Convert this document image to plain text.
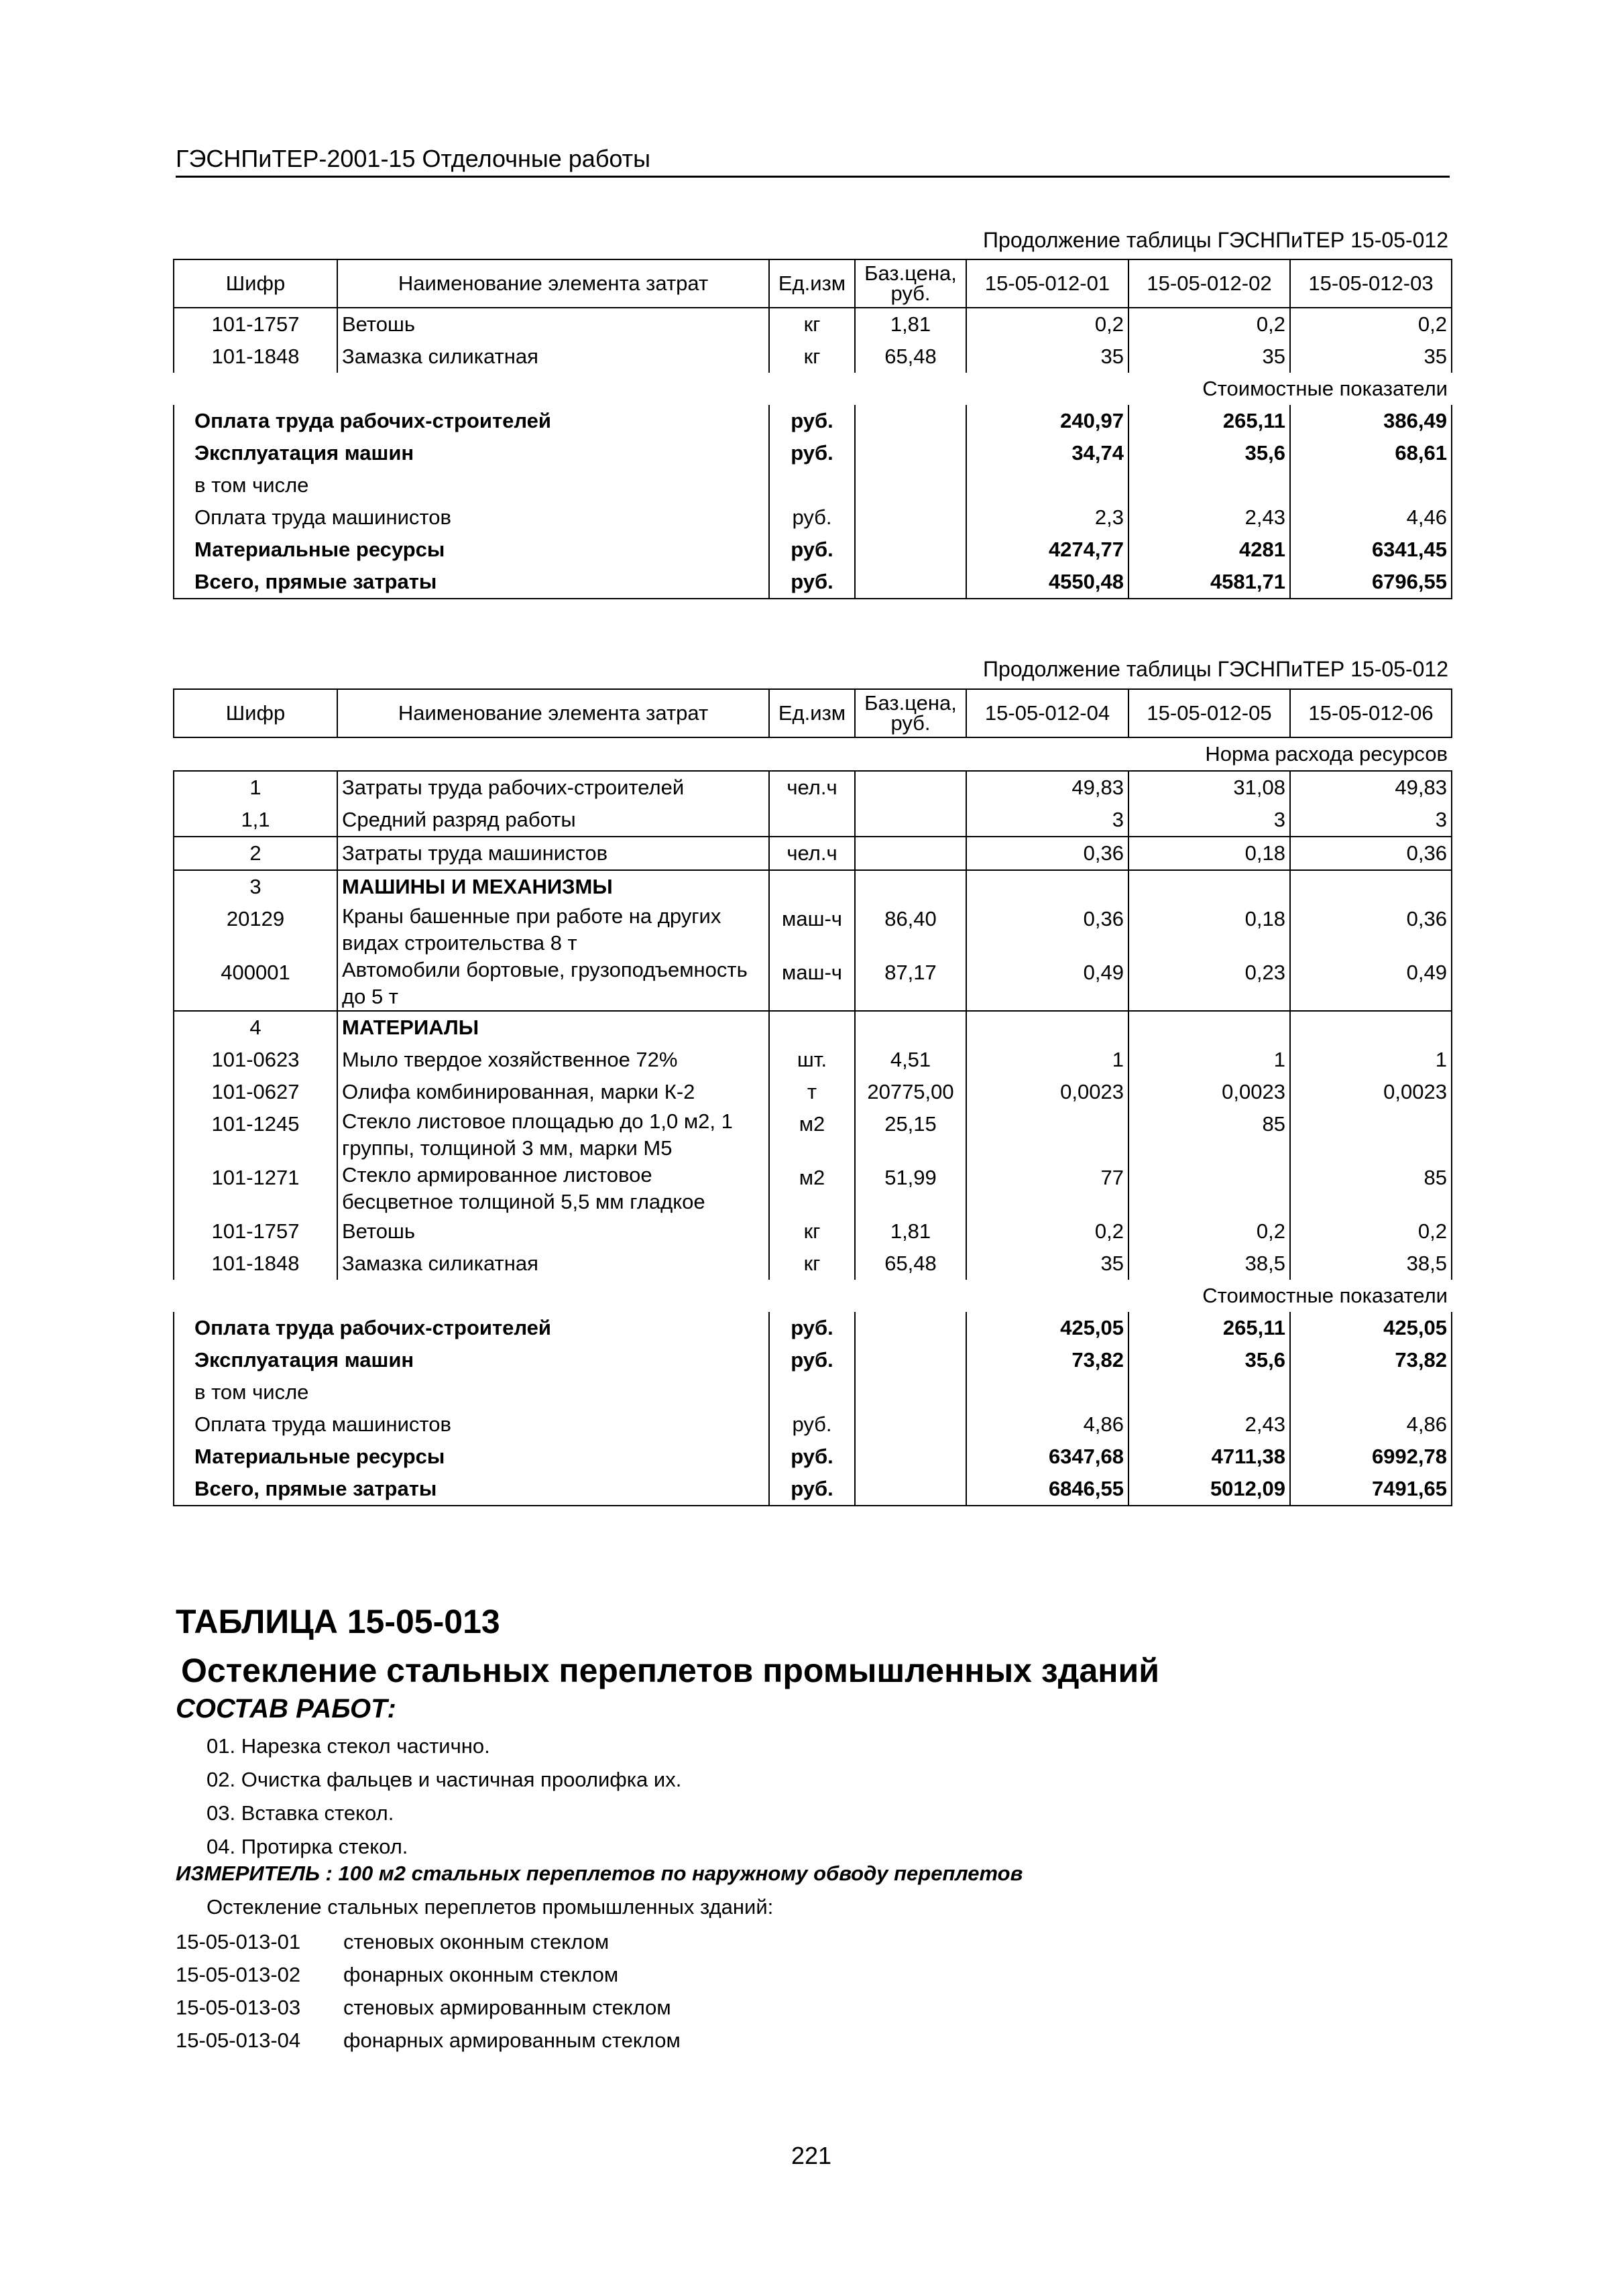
ГЭСНПиТЕР-2001-15 Отделочные работы
Продолжение таблицы ГЭСНПиТЕР 15-05-012
Шифр	Наименование элемента затрат	Ед.изм	Баз.цена, руб.	15-05-012-01	15-05-012-02	15-05-012-03
101-1757	Ветошь	кг	1,81	0,2	0,2	0,2
101-1848	Замазка силикатная	кг	65,48	35	35	35
Стоимостные показатели						
Оплата труда рабочих-строителей		руб.		240,97	265,11	386,49
Эксплуатация машин		руб.		34,74	35,6	68,61
в том числе						
Оплата труда машинистов		руб.		2,3	2,43	4,46
Материальные ресурсы		руб.		4274,77	4281	6341,45
Всего, прямые затраты		руб.		4550,48	4581,71	6796,55
Продолжение таблицы ГЭСНПиТЕР 15-05-012
Шифр	Наименование элемента затрат	Ед.изм	Баз.цена, руб.	15-05-012-04	15-05-012-05	15-05-012-06
Норма расхода ресурсов						
1	Затраты труда рабочих-строителей	чел.ч		49,83	31,08	49,83
1,1	Средний разряд работы			3	3	3
2	Затраты труда машинистов	чел.ч		0,36	0,18	0,36
3	МАШИНЫ И МЕХАНИЗМЫ					
20129	Краны башенные при работе на других видах строительства 8 т	маш-ч	86,40	0,36	0,18	0,36
400001	Автомобили бортовые, грузоподъемность до 5 т	маш-ч	87,17	0,49	0,23	0,49
4	МАТЕРИАЛЫ					
101-0623	Мыло твердое хозяйственное 72%	шт.	4,51	1	1	1
101-0627	Олифа комбинированная, марки К-2	т	20775,00	0,0023	0,0023	0,0023
101-1245	Стекло листовое площадью до 1,0 м2, 1 группы, толщиной 3 мм, марки М5	м2	25,15		85	
101-1271	Стекло армированное листовое бесцветное толщиной 5,5 мм гладкое	м2	51,99	77		85
101-1757	Ветошь	кг	1,81	0,2	0,2	0,2
101-1848	Замазка силикатная	кг	65,48	35	38,5	38,5
Стоимостные показатели						
Оплата труда рабочих-строителей		руб.		425,05	265,11	425,05
Эксплуатация машин		руб.		73,82	35,6	73,82
в том числе						
Оплата труда машинистов		руб.		4,86	2,43	4,86
Материальные ресурсы		руб.		6347,68	4711,38	6992,78
Всего, прямые затраты		руб.		6846,55	5012,09	7491,65
ТАБЛИЦА 15-05-013
Остекление стальных переплетов промышленных зданий
СОСТАВ РАБОТ:
01. Нарезка стекол частично.
02. Очистка фальцев и частичная проолифка их.
03. Вставка стекол.
04. Протирка стекол.
ИЗМЕРИТЕЛЬ : 100 м2 стальных переплетов по наружному обводу переплетов
Остекление стальных переплетов промышленных зданий:
15-05-013-01 стеновых оконным стеклом
15-05-013-02 фонарных оконным стеклом
15-05-013-03 стеновых армированным стеклом
15-05-013-04 фонарных армированным стеклом
221
